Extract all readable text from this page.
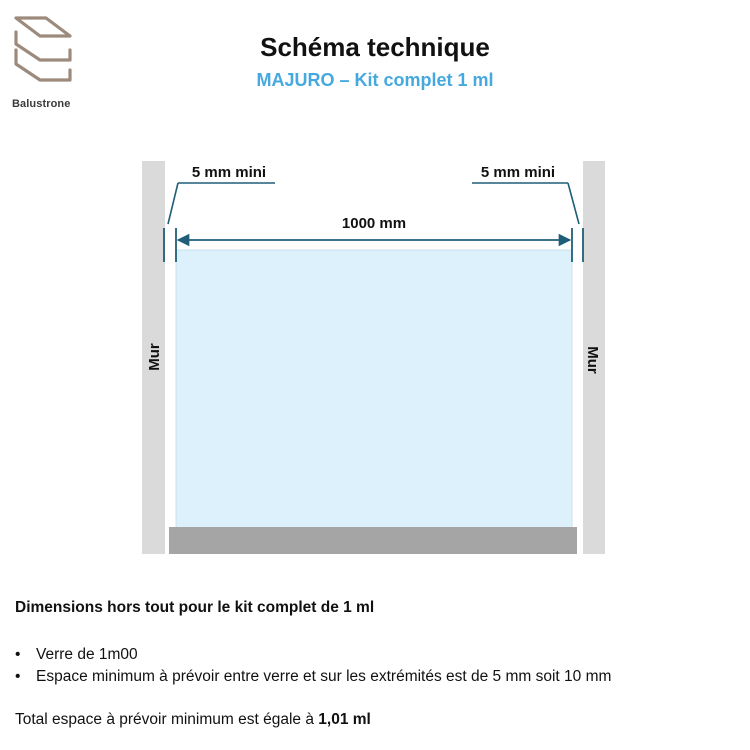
Balustrone
Schéma technique
MAJURO – Kit complet 1 ml
Mur	Mur
5 mm mini	5 mm mini
1000 mm
Dimensions hors tout pour le kit complet de 1 ml
• Verre de 1m00
• Espace minimum à prévoir entre verre et sur les extrémités est de 5 mm soit 10 mm
Total espace à prévoir minimum est égale à 1,01 ml
